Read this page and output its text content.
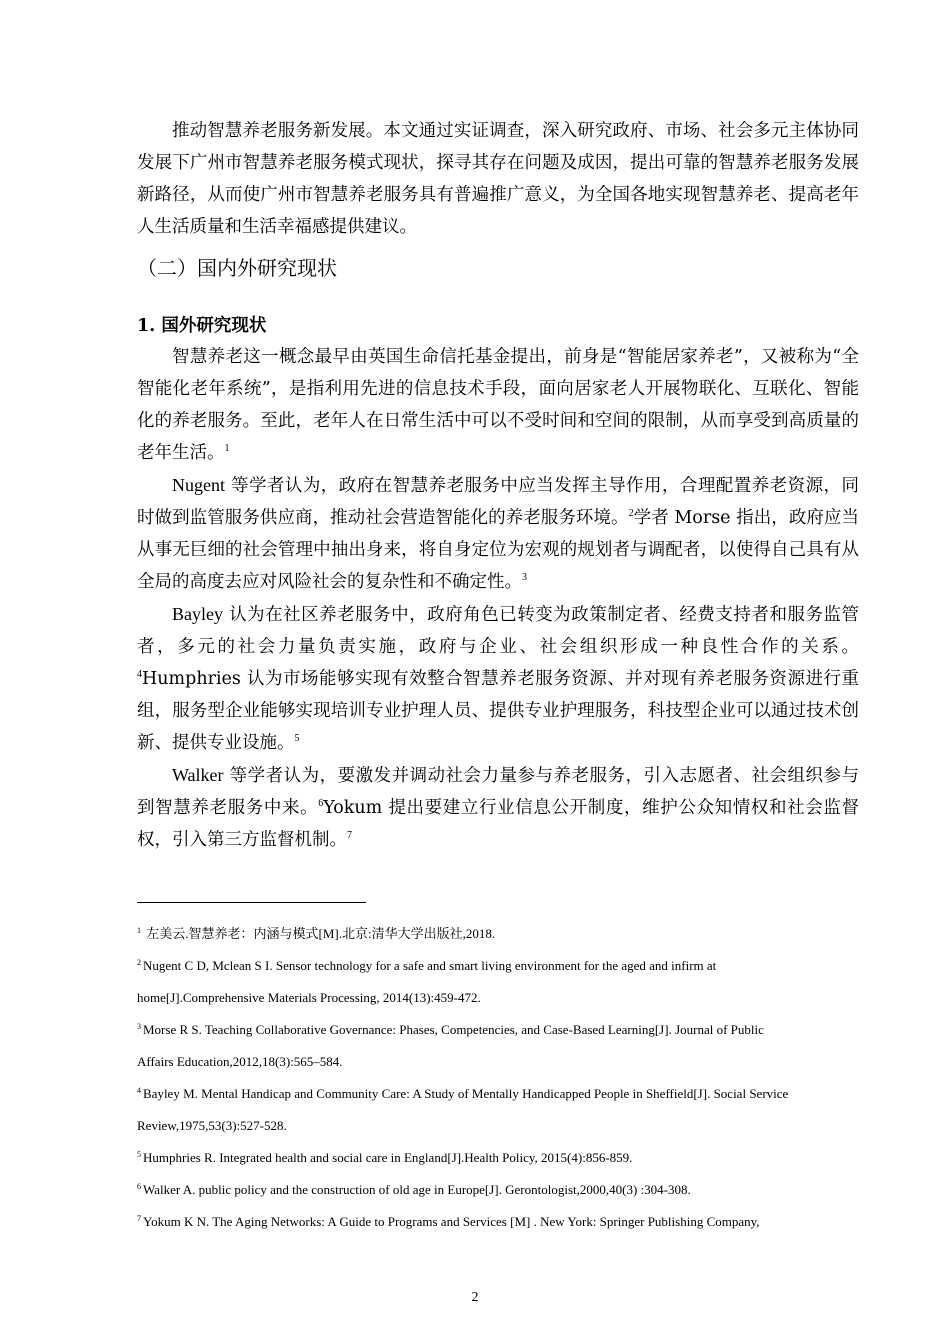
推动智慧养老服务新发展。本文通过实证调查，深入研究政府、市场、社会多元主体协同发展下广州市智慧养老服务模式现状，探寻其存在问题及成因，提出可靠的智慧养老服务发展新路径，从而使广州市智慧养老服务具有普遍推广意义，为全国各地实现智慧养老、提高老年人生活质量和生活幸福感提供建议。

（二）国内外研究现状
1. 国外研究现状

智慧养老这一概念最早由英国生命信托基金提出，前身是“智能居家养老”，又被称为“全智能化老年系统”，是指利用先进的信息技术手段，面向居家老人开展物联化、互联化、智能化的养老服务。至此，老年人在日常生活中可以不受时间和空间的限制，从而享受到高质量的老年生活。$^1$

Nugent 等学者认为，政府在智慧养老服务中应当发挥主导作用，合理配置养老资源，同时做到监管服务供应商，推动社会营造智能化的养老服务环境。$^2$学者 Morse 指出，政府应当从事无巨细的社会管理中抽出身来，将自身定位为宏观的规划者与调配者，以使得自己具有从全局的高度去应对风险社会的复杂性和不确定性。$^3$

Bayley 认为在社区养老服务中，政府角色已转变为政策制定者、经费支持者和服务监管者，多元的社会力量负责实施，政府与企业、社会组织形成一种良性合作的关系。$^4$Humphries 认为市场能够实现有效整合智慧养老服务资源、并对现有养老服务资源进行重组，服务型企业能够实现培训专业护理人员、提供专业护理服务，科技型企业可以通过技术创新、提供专业设施。$^5$

Walker 等学者认为，要激发并调动社会力量参与养老服务，引入志愿者、社会组织参与到智慧养老服务中来。$^6$Yokum 提出要建立行业信息公开制度，维护公众知情权和社会监督权，引入第三方监督机制。$^7$

$^1$ 左美云.智慧养老：内涵与模式[M].北京:清华大学出版社,2018.

$^2$ Nugent C D, Mclean S I. Sensor technology for a safe and smart living environment for the aged and infirm at

home[J].Comprehensive Materials Processing, 2014(13):459-472.

$^3$ Morse R S. Teaching Collaborative Governance: Phases, Competencies, and Case-Based Learning[J]. Journal of Public

Affairs Education,2012,18(3):565–584.

$^4$ Bayley M. Mental Handicap and Community Care: A Study of Mentally Handicapped People in Sheffield[J]. Social Service

Review,1975,53(3):527-528.

$^5$ Humphries R. Integrated health and social care in England[J].Health Policy, 2015(4):856-859.

$^6$ Walker A. public policy and the construction of old age in Europe[J]. Gerontologist,2000,40(3) :304-308.

$^7$ Yokum K N. The Aging Networks: A Guide to Programs and Services [M] . New York: Springer Publishing Company,

2
